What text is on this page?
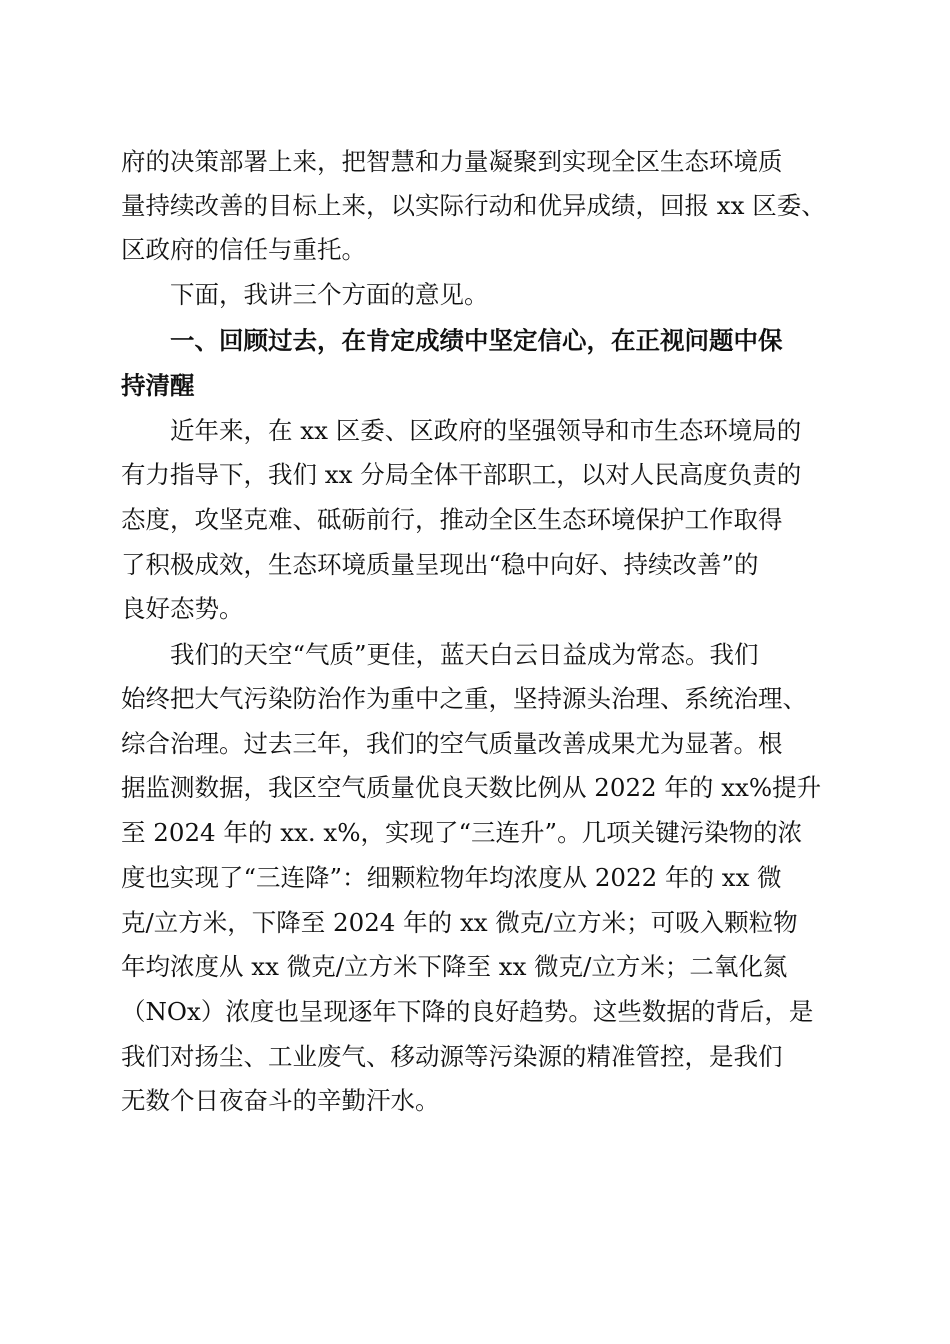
府的决策部署上来，把智慧和力量凝聚到实现全区生态环境质
量持续改善的目标上来，以实际行动和优异成绩，回报 xx 区委、
区政府的信任与重托。
下面，我讲三个方面的意见。
一、回顾过去，在肯定成绩中坚定信心，在正视问题中保
持清醒
近年来，在 xx 区委、区政府的坚强领导和市生态环境局的
有力指导下，我们 xx 分局全体干部职工，以对人民高度负责的
态度，攻坚克难、砥砺前行，推动全区生态环境保护工作取得
了积极成效，生态环境质量呈现出“稳中向好、持续改善”的
良好态势。
我们的天空“气质”更佳，蓝天白云日益成为常态。我们
始终把大气污染防治作为重中之重，坚持源头治理、系统治理、
综合治理。过去三年，我们的空气质量改善成果尤为显著。根
据监测数据，我区空气质量优良天数比例从 2022 年的 xx%提升
至 2024 年的 xx. x%，实现了“三连升”。几项关键污染物的浓
度也实现了“三连降”：细颗粒物年均浓度从 2022 年的 xx 微
克/立方米，下降至 2024 年的 xx 微克/立方米；可吸入颗粒物
年均浓度从 xx 微克/立方米下降至 xx 微克/立方米；二氧化氮
（NOx）浓度也呈现逐年下降的良好趋势。这些数据的背后，是
我们对扬尘、工业废气、移动源等污染源的精准管控，是我们
无数个日夜奋斗的辛勤汗水。
